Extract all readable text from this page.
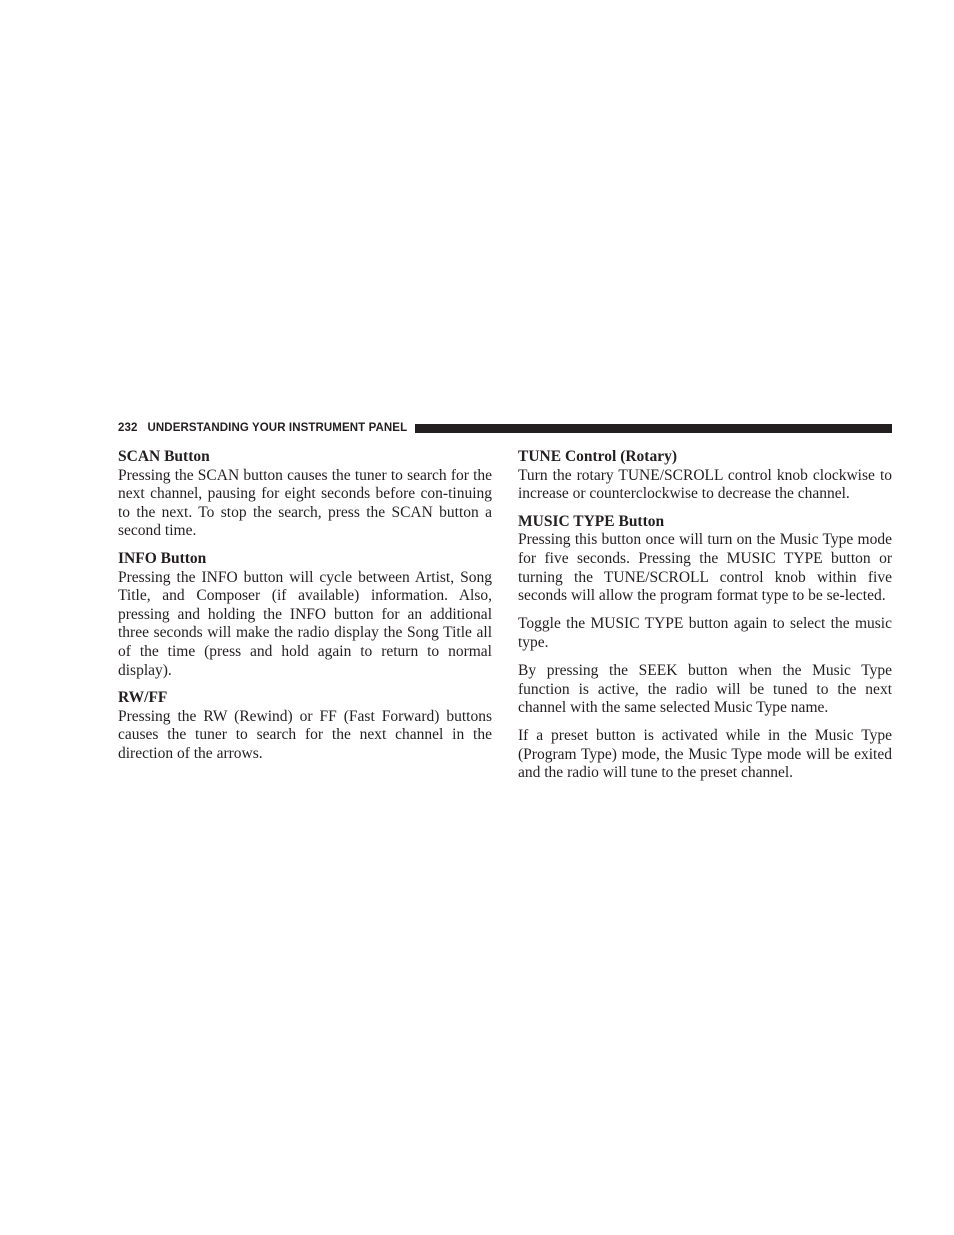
232 UNDERSTANDING YOUR INSTRUMENT PANEL

SCAN Button

Pressing the SCAN button causes the tuner to search for the next channel, pausing for eight seconds before con-tinuing to the next. To stop the search, press the SCAN button a second time.

INFO Button

Pressing the INFO button will cycle between Artist, Song Title, and Composer (if available) information. Also, pressing and holding the INFO button for an additional three seconds will make the radio display the Song Title all of the time (press and hold again to return to normal display).

RW/FF

Pressing the RW (Rewind) or FF (Fast Forward) buttons causes the tuner to search for the next channel in the direction of the arrows.

TUNE Control (Rotary)

Turn the rotary TUNE/SCROLL control knob clockwise to increase or counterclockwise to decrease the channel.

MUSIC TYPE Button

Pressing this button once will turn on the Music Type mode for five seconds. Pressing the MUSIC TYPE button or turning the TUNE/SCROLL control knob within five seconds will allow the program format type to be se-lected.

Toggle the MUSIC TYPE button again to select the music type.

By pressing the SEEK button when the Music Type function is active, the radio will be tuned to the next channel with the same selected Music Type name.

If a preset button is activated while in the Music Type (Program Type) mode, the Music Type mode will be exited and the radio will tune to the preset channel.
